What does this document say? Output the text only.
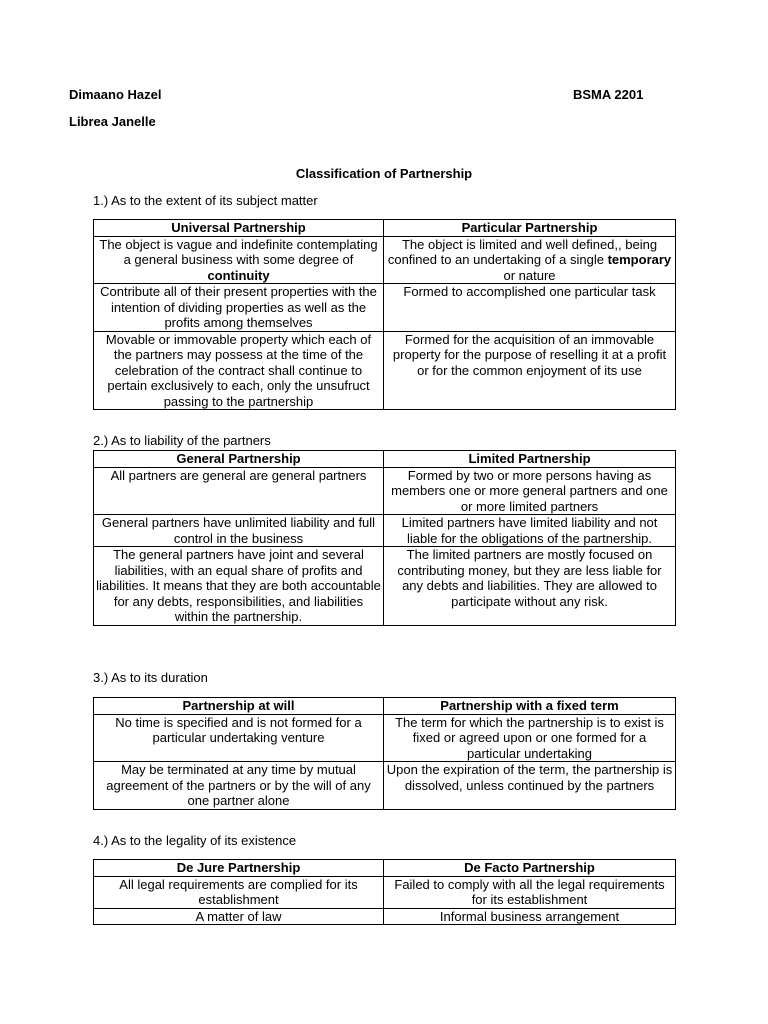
Dimaano Hazel	BSMA 2201
Librea Janelle
Classification of Partnership
1.) As to the extent of its subject matter
Universal Partnership	Particular Partnership
The object is vague and indefinite contemplating a general business with some degree of continuity	The object is limited and well defined,, being confined to an undertaking of a single temporary or nature
Contribute all of their present properties with the intention of dividing properties as well as the profits among themselves	Formed to accomplished one particular task
Movable or immovable property which each of the partners may possess at the time of the celebration of the contract shall continue to pertain exclusively to each, only the unsufruct passing to the partnership	Formed for the acquisition of an immovable property for the purpose of reselling it at a profit or for the common enjoyment of its use
2.) As to liability of the partners
General Partnership	Limited Partnership
All partners are general are general partners	Formed by two or more persons having as members one or more general partners and one or more limited partners
General partners have unlimited liability and full control in the business	Limited partners have limited liability and not liable for the obligations of the partnership.
The general partners have joint and several liabilities, with an equal share of profits and liabilities. It means that they are both accountable for any debts, responsibilities, and liabilities within the partnership.	The limited partners are mostly focused on contributing money, but they are less liable for any debts and liabilities. They are allowed to participate without any risk.
3.) As to its duration
Partnership at will	Partnership with a fixed term
No time is specified and is not formed for a particular undertaking venture	The term for which the partnership is to exist is fixed or agreed upon or one formed for a particular undertaking
May be terminated at any time by mutual agreement of the partners or by the will of any one partner alone	Upon the expiration of the term, the partnership is dissolved, unless continued by the partners
4.) As to the legality of its existence
De Jure Partnership	De Facto Partnership
All legal requirements are complied for its establishment	Failed to comply with all the legal requirements for its establishment
A matter of law	Informal business arrangement
